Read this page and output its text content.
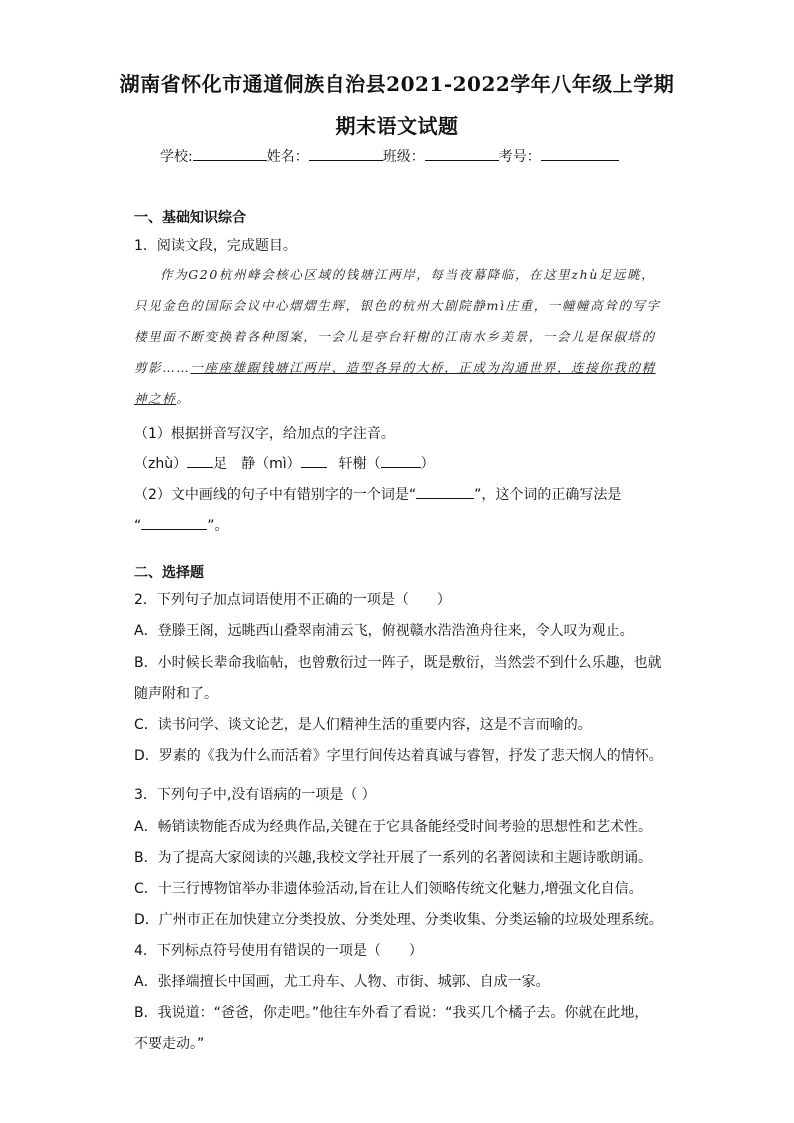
湖南省怀化市通道侗族自治县2021-2022学年八年级上学期
期末语文试题
学校:	姓名：	班级：	考号：
一、基础知识综合
1．阅读文段，完成题目。
作为G20杭州峰会核心区域的钱塘江两岸，每当夜幕降临，在这里zhù足远眺，只见金色的国际会议中心熠熠生辉，银色的杭州大剧院静mì庄重，一幢幢高耸的写字楼里面不断变换着各种图案，一会儿是亭台轩榭的江南水乡美景，一会儿是保俶塔的剪影……一座座雄踞钱塘江两岸、造型各异的大桥，正成为沟通世界，连接你我的精神之桥。
（1）根据拼音写汉字，给加点的字注音。
（zhù） 足　静（mì）	轩榭（	）
（2）文中画线的句子中有错别字的一个词是“	”，这个词的正确写法是
“	”。
二、选择题
2．下列句子加点词语使用不正确的一项是（　　）
A．登滕王阁，远眺西山叠翠南浦云飞，俯视赣水浩浩渔舟往来，令人叹为观止。
B．小时候长辈命我临帖，也曾敷衍过一阵子，既是敷衍，当然尝不到什么乐趣，也就
随声附和了。
C．读书问学、谈文论艺，是人们精神生活的重要内容，这是不言而喻的。
D．罗素的《我为什么而活着》字里行间传达着真诚与睿智，抒发了悲天悯人的情怀。
3．下列句子中,没有语病的一项是（ ）
A．畅销读物能否成为经典作品,关键在于它具备能经受时间考验的思想性和艺术性。
B．为了提高大家阅读的兴趣,我校文学社开展了一系列的名著阅读和主题诗歌朗诵。
C．十三行博物馆举办非遗体验活动,旨在让人们领略传统文化魅力,增强文化自信。
D．广州市正在加快建立分类投放、分类处理、分类收集、分类运输的垃圾处理系统。
4．下列标点符号使用有错误的一项是（　　）
A．张择端擅长中国画，尤工舟车、人物、市街、城郭、自成一家。
B．我说道：“爸爸，你走吧。”他往车外看了看说：“我买几个橘子去。你就在此地，
不要走动。”
